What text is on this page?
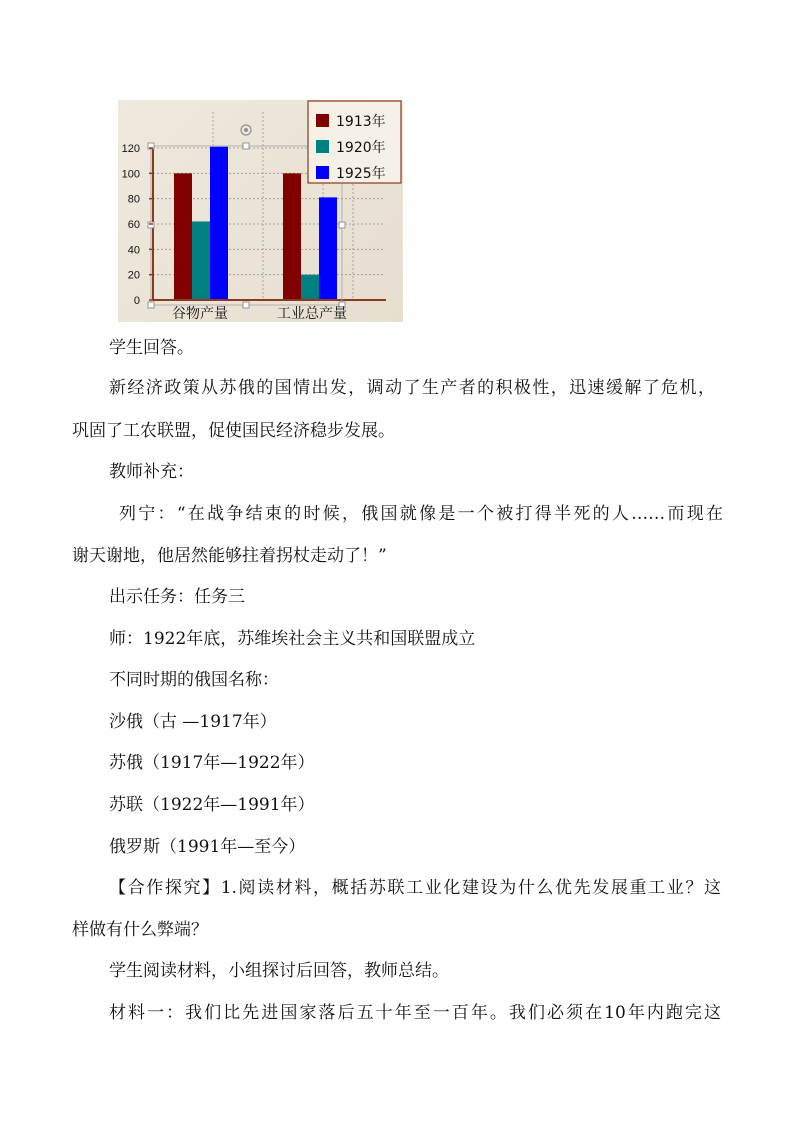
0
20
40
60
80
100
120
谷物产量	工业总产量
1913年
1920年
1925年

学生回答。

新经济政策从苏俄的国情出发，调动了生产者的积极性，迅速缓解了危机，

巩固了工农联盟，促使国民经济稳步发展。

教师补充：

列宁：“在战争结束的时候，俄国就像是一个被打得半死的人……而现在

谢天谢地，他居然能够拄着拐杖走动了！”

出示任务：任务三

师：1922年底，苏维埃社会主义共和国联盟成立

不同时期的俄国名称：

沙俄（古 —1917年）

苏俄（1917年—1922年）

苏联（1922年—1991年）

俄罗斯（1991年—至今）

【合作探究】1.阅读材料，概括苏联工业化建设为什么优先发展重工业？这

样做有什么弊端？

学生阅读材料，小组探讨后回答，教师总结。

材料一：我们比先进国家落后五十年至一百年。我们必须在10年内跑完这
